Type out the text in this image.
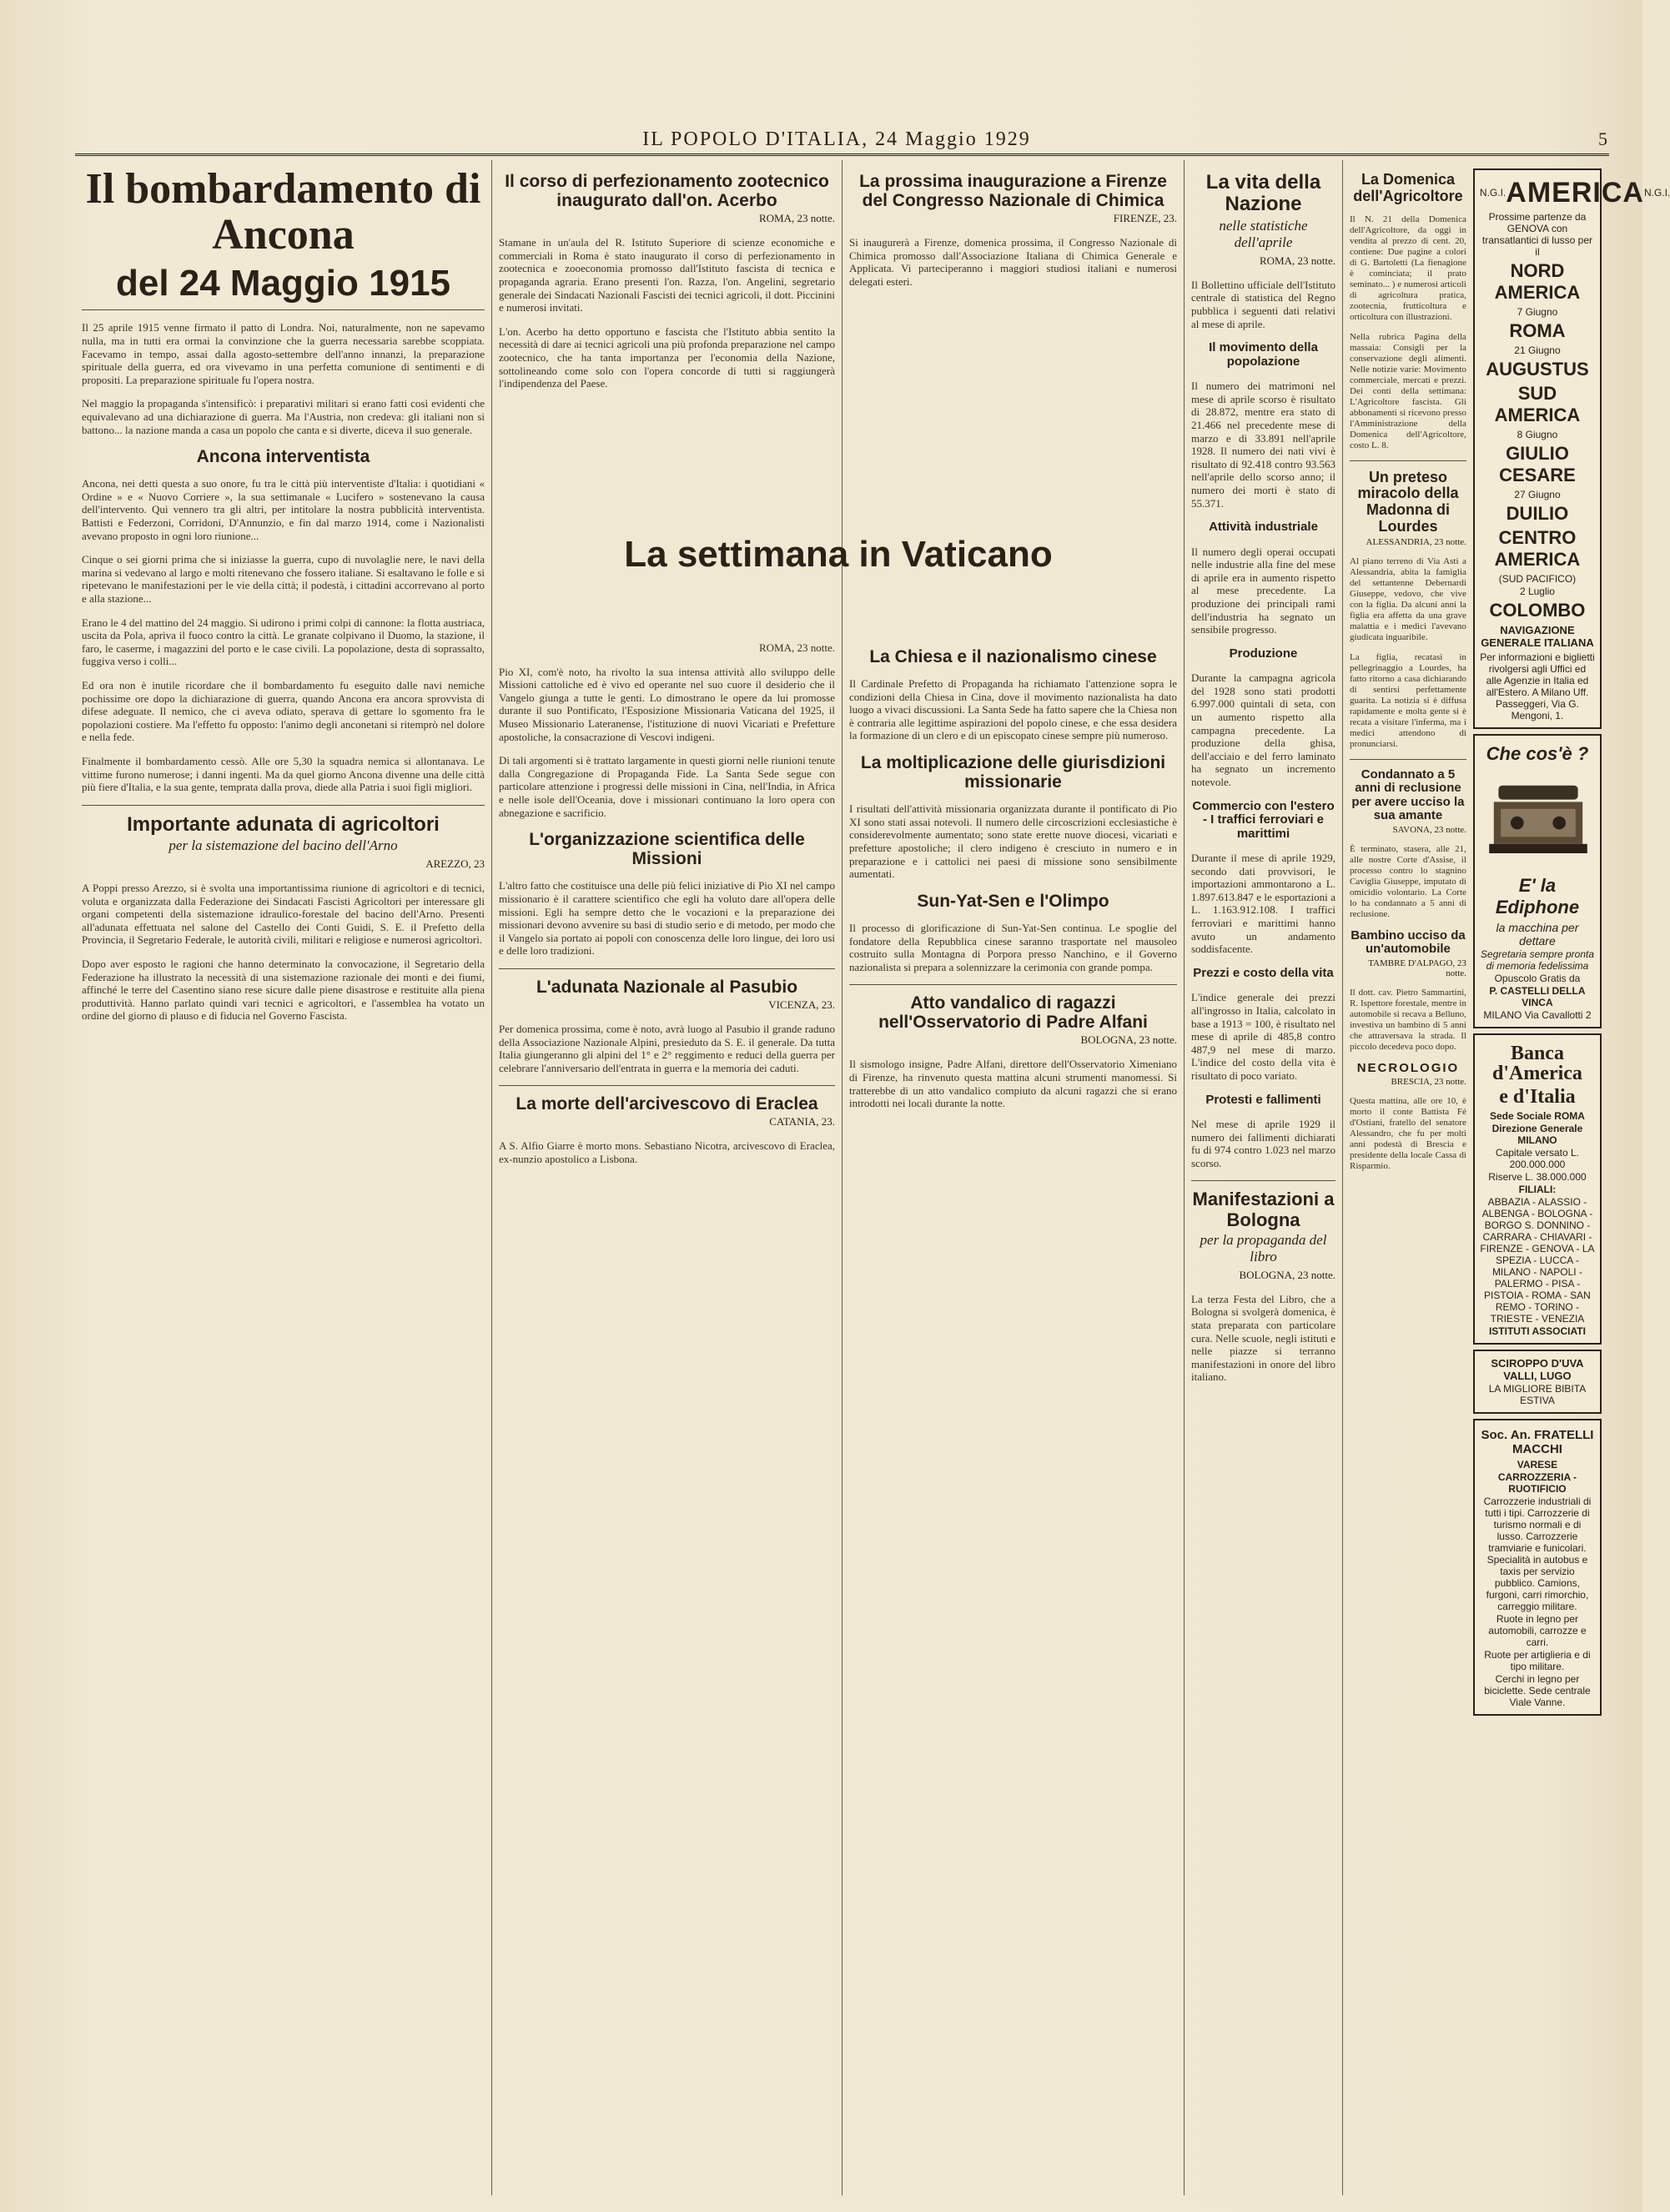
IL POPOLO D'ITALIA, 24 Maggio 1929	5
Il bombardamento di Ancona
del 24 Maggio 1915

Il 25 aprile 1915 venne firmato il patto di Londra. Noi, naturalmente, non ne sapevamo nulla, ma in tutti era ormai la convinzione che la guerra necessaria sarebbe scoppiata. Facevamo in tempo, assai dalla agosto-settembre dell'anno innanzi, la preparazione spirituale della guerra, ed ora vivevamo in una perfetta comunione di sentimenti e di propositi. La preparazione spirituale fu l'opera nostra.

Nel maggio la propaganda s'intensificò: i preparativi militari si erano fatti così evidenti che equivalevano ad una dichiarazione di guerra. Ma l'Austria, non credeva: gli italiani non si battono... la nazione manda a casa un popolo che canta e si diverte, diceva il suo generale.

Ancona interventista

Ancona, nei detti questa a suo onore, fu tra le città più interventiste d'Italia: i quotidiani « Ordine » e « Nuovo Corriere », la sua settimanale « Lucifero » sostenevano la causa dell'intervento. Qui vennero tra gli altri, per intitolare la nostra pubblicità interventista. Battisti e Federzoni, Corridoni, D'Annunzio, e fin dal marzo 1914, come i Nazionalisti avevano proposto in ogni loro riunione...

Cinque o sei giorni prima che si iniziasse la guerra, cupo di nuvolaglie nere, le navi della marina si vedevano al largo e molti ritenevano che fossero italiane. Si esaltavano le folle e si ripetevano le manifestazioni per le vie della città; il podestà, i cittadini accorrevano al porto e alla stazione...

Erano le 4 del mattino del 24 maggio. Si udirono i primi colpi di cannone: la flotta austriaca, uscita da Pola, apriva il fuoco contro la città. Le granate colpivano il Duomo, la stazione, il faro, le caserme, i magazzini del porto e le case civili. La popolazione, desta di soprassalto, fuggiva verso i colli...

Ed ora non è inutile ricordare che il bombardamento fu eseguito dalle navi nemiche pochissime ore dopo la dichiarazione di guerra, quando Ancona era ancora sprovvista di difese adeguate. Il nemico, che ci aveva odiato, sperava di gettare lo sgomento fra le popolazioni costiere. Ma l'effetto fu opposto: l'animo degli anconetani si ritemprò nel dolore e nella fede.

Finalmente il bombardamento cessò. Alle ore 5,30 la squadra nemica si allontanava. Le vittime furono numerose; i danni ingenti. Ma da quel giorno Ancona divenne una delle città più fiere d'Italia, e la sua gente, temprata dalla prova, diede alla Patria i suoi figli migliori.

Importante adunata di agricoltori
per la sistemazione del bacino dell'Arno
AREZZO, 23

A Poppi presso Arezzo, si è svolta una importantissima riunione di agricoltori e di tecnici, voluta e organizzata dalla Federazione dei Sindacati Fascisti Agricoltori per interessare gli organi competenti della sistemazione idraulico-forestale del bacino dell'Arno. Presenti all'adunata effettuata nel salone del Castello dei Conti Guidi, S. E. il Prefetto della Provincia, il Segretario Federale, le autorità civili, militari e religiose e numerosi agricoltori.

Dopo aver esposto le ragioni che hanno determinato la convocazione, il Segretario della Federazione ha illustrato la necessità di una sistemazione razionale dei monti e dei fiumi, affinché le terre del Casentino siano rese sicure dalle piene disastrose e restituite alla piena produttività. Hanno parlato quindi vari tecnici e agricoltori, e l'assemblea ha votato un ordine del giorno di plauso e di fiducia nel Governo Fascista.

Il corso di perfezionamento zootecnico inaugurato dall'on. Acerbo
ROMA, 23 notte.

Stamane in un'aula del R. Istituto Superiore di scienze economiche e commerciali in Roma è stato inaugurato il corso di perfezionamento in zootecnica e zooeconomia promosso dall'Istituto fascista di tecnica e propaganda agraria. Erano presenti l'on. Razza, l'on. Angelini, segretario generale dei Sindacati Nazionali Fascisti dei tecnici agricoli, il dott. Piccinini e numerosi invitati.

L'on. Acerbo ha detto opportuno e fascista che l'Istituto abbia sentito la necessità di dare ai tecnici agricoli una più profonda preparazione nel campo zootecnico, che ha tanta importanza per l'economia della Nazione, sottolineando come solo con l'opera concorde di tutti si raggiungerà l'indipendenza del Paese.

ROMA, 23 notte.

Pio XI, com'è noto, ha rivolto la sua intensa attività allo sviluppo delle Missioni cattoliche ed è vivo ed operante nel suo cuore il desiderio che il Vangelo giunga a tutte le genti. Lo dimostrano le opere da lui promosse durante il suo Pontificato, l'Esposizione Missionaria Vaticana del 1925, il Museo Missionario Lateranense, l'istituzione di nuovi Vicariati e Prefetture apostoliche, la consacrazione di Vescovi indigeni.

Di tali argomenti si è trattato largamente in questi giorni nelle riunioni tenute dalla Congregazione di Propaganda Fide. La Santa Sede segue con particolare attenzione i progressi delle missioni in Cina, nell'India, in Africa e nelle isole dell'Oceania, dove i missionari continuano la loro opera con abnegazione e sacrificio.

L'organizzazione scientifica delle Missioni

L'altro fatto che costituisce una delle più felici iniziative di Pio XI nel campo missionario è il carattere scientifico che egli ha voluto dare all'opera delle missioni. Egli ha sempre detto che le vocazioni e la preparazione dei missionari devono avvenire su basi di studio serio e di metodo, per modo che il Vangelo sia portato ai popoli con conoscenza delle loro lingue, dei loro usi e delle loro tradizioni.

L'adunata Nazionale al Pasubio
VICENZA, 23.

Per domenica prossima, come è noto, avrà luogo al Pasubio il grande raduno della Associazione Nazionale Alpini, presieduto da S. E. il generale. Da tutta Italia giungeranno gli alpini del 1° e 2° reggimento e reduci della guerra per celebrare l'anniversario dell'entrata in guerra e la memoria dei caduti.

La morte dell'arcivescovo di Eraclea
CATANIA, 23.

A S. Alfio Giarre è morto mons. Sebastiano Nicotra, arcivescovo di Eraclea, ex-nunzio apostolico a Lisbona.

La prossima inaugurazione a Firenze del Congresso Nazionale di Chimica
FIRENZE, 23.

Si inaugurerà a Firenze, domenica prossima, il Congresso Nazionale di Chimica promosso dall'Associazione Italiana di Chimica Generale e Applicata. Vi parteciperanno i maggiori studiosi italiani e numerosi delegati esteri.

La Chiesa e il nazionalismo cinese

Il Cardinale Prefetto di Propaganda ha richiamato l'attenzione sopra le condizioni della Chiesa in Cina, dove il movimento nazionalista ha dato luogo a vivaci discussioni. La Santa Sede ha fatto sapere che la Chiesa non è contraria alle legittime aspirazioni del popolo cinese, e che essa desidera la formazione di un clero e di un episcopato cinese sempre più numeroso.

La moltiplicazione delle giurisdizioni missionarie

I risultati dell'attività missionaria organizzata durante il pontificato di Pio XI sono stati assai notevoli. Il numero delle circoscrizioni ecclesiastiche è considerevolmente aumentato; sono state erette nuove diocesi, vicariati e prefetture apostoliche; il clero indigeno è cresciuto in numero e in preparazione e i cattolici nei paesi di missione sono sensibilmente aumentati.

Sun-Yat-Sen e l'Olimpo

Il processo di glorificazione di Sun-Yat-Sen continua. Le spoglie del fondatore della Repubblica cinese saranno trasportate nel mausoleo costruito sulla Montagna di Porpora presso Nanchino, e il Governo nazionalista si prepara a solennizzare la cerimonia con grande pompa.

Atto vandalico di ragazzi nell'Osservatorio di Padre Alfani
BOLOGNA, 23 notte.

Il sismologo insigne, Padre Alfani, direttore dell'Osservatorio Ximeniano di Firenze, ha rinvenuto questa mattina alcuni strumenti manomessi. Si tratterebbe di un atto vandalico compiuto da alcuni ragazzi che si erano introdotti nei locali durante la notte.

La settimana in Vaticano
La vita della Nazione
nelle statistiche dell'aprile
ROMA, 23 notte.

Il Bollettino ufficiale dell'Istituto centrale di statistica del Regno pubblica i seguenti dati relativi al mese di aprile.

Il movimento della popolazione

Il numero dei matrimoni nel mese di aprile scorso è risultato di 28.872, mentre era stato di 21.466 nel precedente mese di marzo e di 33.891 nell'aprile 1928. Il numero dei nati vivi è risultato di 92.418 contro 93.563 nell'aprile dello scorso anno; il numero dei morti è stato di 55.371.

Attività industriale

Il numero degli operai occupati nelle industrie alla fine del mese di aprile era in aumento rispetto al mese precedente. La produzione dei principali rami dell'industria ha segnato un sensibile progresso.

Produzione

Durante la campagna agricola del 1928 sono stati prodotti 6.997.000 quintali di seta, con un aumento rispetto alla campagna precedente. La produzione della ghisa, dell'acciaio e del ferro laminato ha segnato un incremento notevole.

Commercio con l'estero - I traffici ferroviari e marittimi

Durante il mese di aprile 1929, secondo dati provvisori, le importazioni ammontarono a L. 1.897.613.847 e le esportazioni a L. 1.163.912.108. I traffici ferroviari e marittimi hanno avuto un andamento soddisfacente.

Prezzi e costo della vita

L'indice generale dei prezzi all'ingrosso in Italia, calcolato in base a 1913 = 100, è risultato nel mese di aprile di 485,8 contro 487,9 nel mese di marzo. L'indice del costo della vita è risultato di poco variato.

Protesti e fallimenti

Nel mese di aprile 1929 il numero dei fallimenti dichiarati fu di 974 contro 1.023 nel marzo scorso.

Manifestazioni a Bologna
per la propaganda del libro
BOLOGNA, 23 notte.

La terza Festa del Libro, che a Bologna si svolgerà domenica, è stata preparata con particolare cura. Nelle scuole, negli istituti e nelle piazze si terranno manifestazioni in onore del libro italiano.

La Domenica dell'Agricoltore

Il N. 21 della Domenica dell'Agricoltore, da oggi in vendita al prezzo di cent. 20, contiene: Due pagine a colori di G. Bartoletti (La fienagione è cominciata; il prato seminato... ) e numerosi articoli di agricoltura pratica, zootecnia, frutticoltura e orticoltura con illustrazioni.

Nella rubrica Pagina della massaia: Consigli per la conservazione degli alimenti. Nelle notizie varie: Movimento commerciale, mercati e prezzi. Dei conti della settimana: L'Agricoltore fascista. Gli abbonamenti si ricevono presso l'Amministrazione della Domenica dell'Agricoltore, costo L. 8.

Un preteso miracolo della Madonna di Lourdes
ALESSANDRIA, 23 notte.

Al piano terreno di Via Asti a Alessandria, abita la famiglia del settantenne Debernardi Giuseppe, vedovo, che vive con la figlia. Da alcuni anni la figlia era affetta da una grave malattia e i medici l'avevano giudicata inguaribile.

La figlia, recatasi in pellegrinaggio a Lourdes, ha fatto ritorno a casa dichiarando di sentirsi perfettamente guarita. La notizia si è diffusa rapidamente e molta gente si è recata a visitare l'inferma, ma i medici attendono di pronunciarsi.

Condannato a 5 anni di reclusione per avere ucciso la sua amante
SAVONA, 23 notte.

È terminato, stasera, alle 21, alle nostre Corte d'Assise, il processo contro lo stagnino Caviglia Giuseppe, imputato di omicidio volontario. La Corte lo ha condannato a 5 anni di reclusione.

Bambino ucciso da un'automobile
TAMBRE D'ALPAGO, 23 notte.

Il dott. cav. Pietro Sammartini, R. Ispettore forestale, mentre in automobile si recava a Belluno, investiva un bambino di 5 anni che attraversava la strada. Il piccolo decedeva poco dopo.

NECROLOGIO
BRESCIA, 23 notte.

Questa mattina, alle ore 10, è morto il conte Battista Fé d'Ostiani, fratello del senatore Alessandro, che fu per molti anni podestà di Brescia e presidente della locale Cassa di Risparmio.

N.G.I. AMERICA N.G.I.
Prossime partenze da GENOVA con transatlantici di lusso per il
NORD AMERICA
7 Giugno
ROMA
21 Giugno
AUGUSTUS
SUD AMERICA
8 Giugno
GIULIO CESARE
27 Giugno
DUILIO
CENTRO AMERICA
(SUD PACIFICO)
2 Luglio
COLOMBO
NAVIGAZIONE GENERALE ITALIANA
Per informazioni e biglietti rivolgersi agli Uffici ed alle Agenzie in Italia ed all'Estero. A Milano Uff. Passeggeri, Via G. Mengoni, 1.
Che cos'è ?
E' la Ediphone
la macchina per dettare
Segretaria sempre pronta di memoria fedelissima
Opuscolo Gratis da
P. CASTELLI DELLA VINCA
MILANO Via Cavallotti 2
Banca d'America
e d'Italia
Sede Sociale ROMA
Direzione Generale MILANO
Capitale versato L. 200.000.000
Riserve L. 38.000.000
FILIALI:
ABBAZIA - ALASSIO - ALBENGA - BOLOGNA - BORGO S. DONNINO - CARRARA - CHIAVARI - FIRENZE - GENOVA - LA SPEZIA - LUCCA - MILANO - NAPOLI - PALERMO - PISA - PISTOIA - ROMA - SAN REMO - TORINO - TRIESTE - VENEZIA
ISTITUTI ASSOCIATI
SCIROPPO D'UVA VALLI, LUGO
LA MIGLIORE BIBITA ESTIVA
Soc. An. FRATELLI MACCHI
VARESE
CARROZZERIA - RUOTIFICIO
Carrozzerie industriali di tutti i tipi. Carrozzerie di turismo normali e di lusso. Carrozzerie tramviarie e funicolari. Specialità in autobus e taxis per servizio pubblico. Camions, furgoni, carri rimorchio, carreggio militare.
Ruote in legno per automobili, carrozze e carri.
Ruote per artiglieria e di tipo militare.
Cerchi in legno per biciclette. Sede centrale Viale Vanne.
